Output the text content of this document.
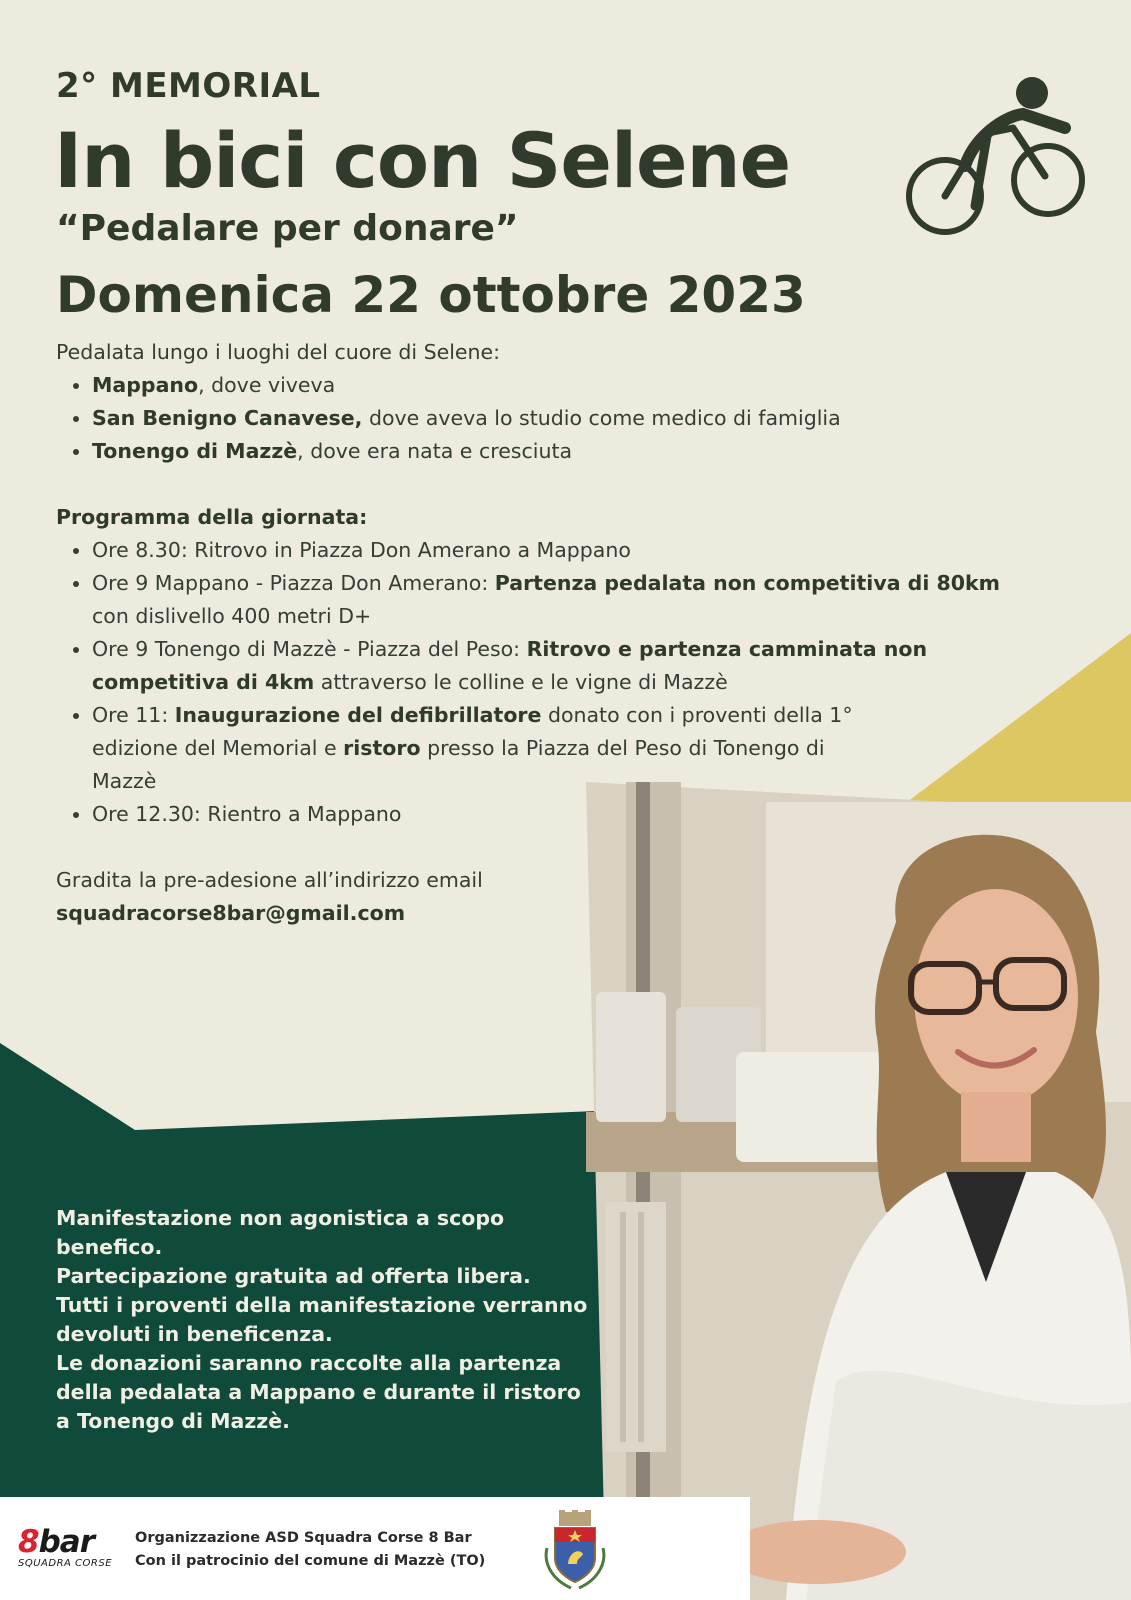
2° MEMORIAL
In bici con Selene
“Pedalare per donare”
Domenica 22 ottobre 2023

Pedalata lungo i luoghi del cuore di Selene:

• Mappano, dove viveva
• San Benigno Canavese, dove aveva lo studio come medico di famiglia
• Tonengo di Mazzè, dove era nata e cresciuta

Programma della giornata:

• Ore 8.30: Ritrovo in Piazza Don Amerano a Mappano
• Ore 9 Mappano - Piazza Don Amerano: Partenza pedalata non competitiva di 80km con dislivello 400 metri D+
• Ore 9 Tonengo di Mazzè - Piazza del Peso: Ritrovo e partenza camminata non competitiva di 4km attraverso le colline e le vigne di Mazzè
• Ore 11: Inaugurazione del defibrillatore donato con i proventi della 1° edizione del Memorial e ristoro presso la Piazza del Peso di Tonengo di Mazzè
• Ore 12.30: Rientro a Mappano

Gradita la pre-adesione all’indirizzo email

squadracorse8bar@gmail.com

Manifestazione non agonistica a scopo benefico.

Partecipazione gratuita ad offerta libera.

Tutti i proventi della manifestazione verranno devoluti in beneficenza.

Le donazioni saranno raccolte alla partenza della pedalata a Mappano e durante il ristoro a Tonengo di Mazzè.

8bar
SQUADRA CORSE

Organizzazione ASD Squadra Corse 8 Bar

Con il patrocinio del comune di Mazzè (TO)
